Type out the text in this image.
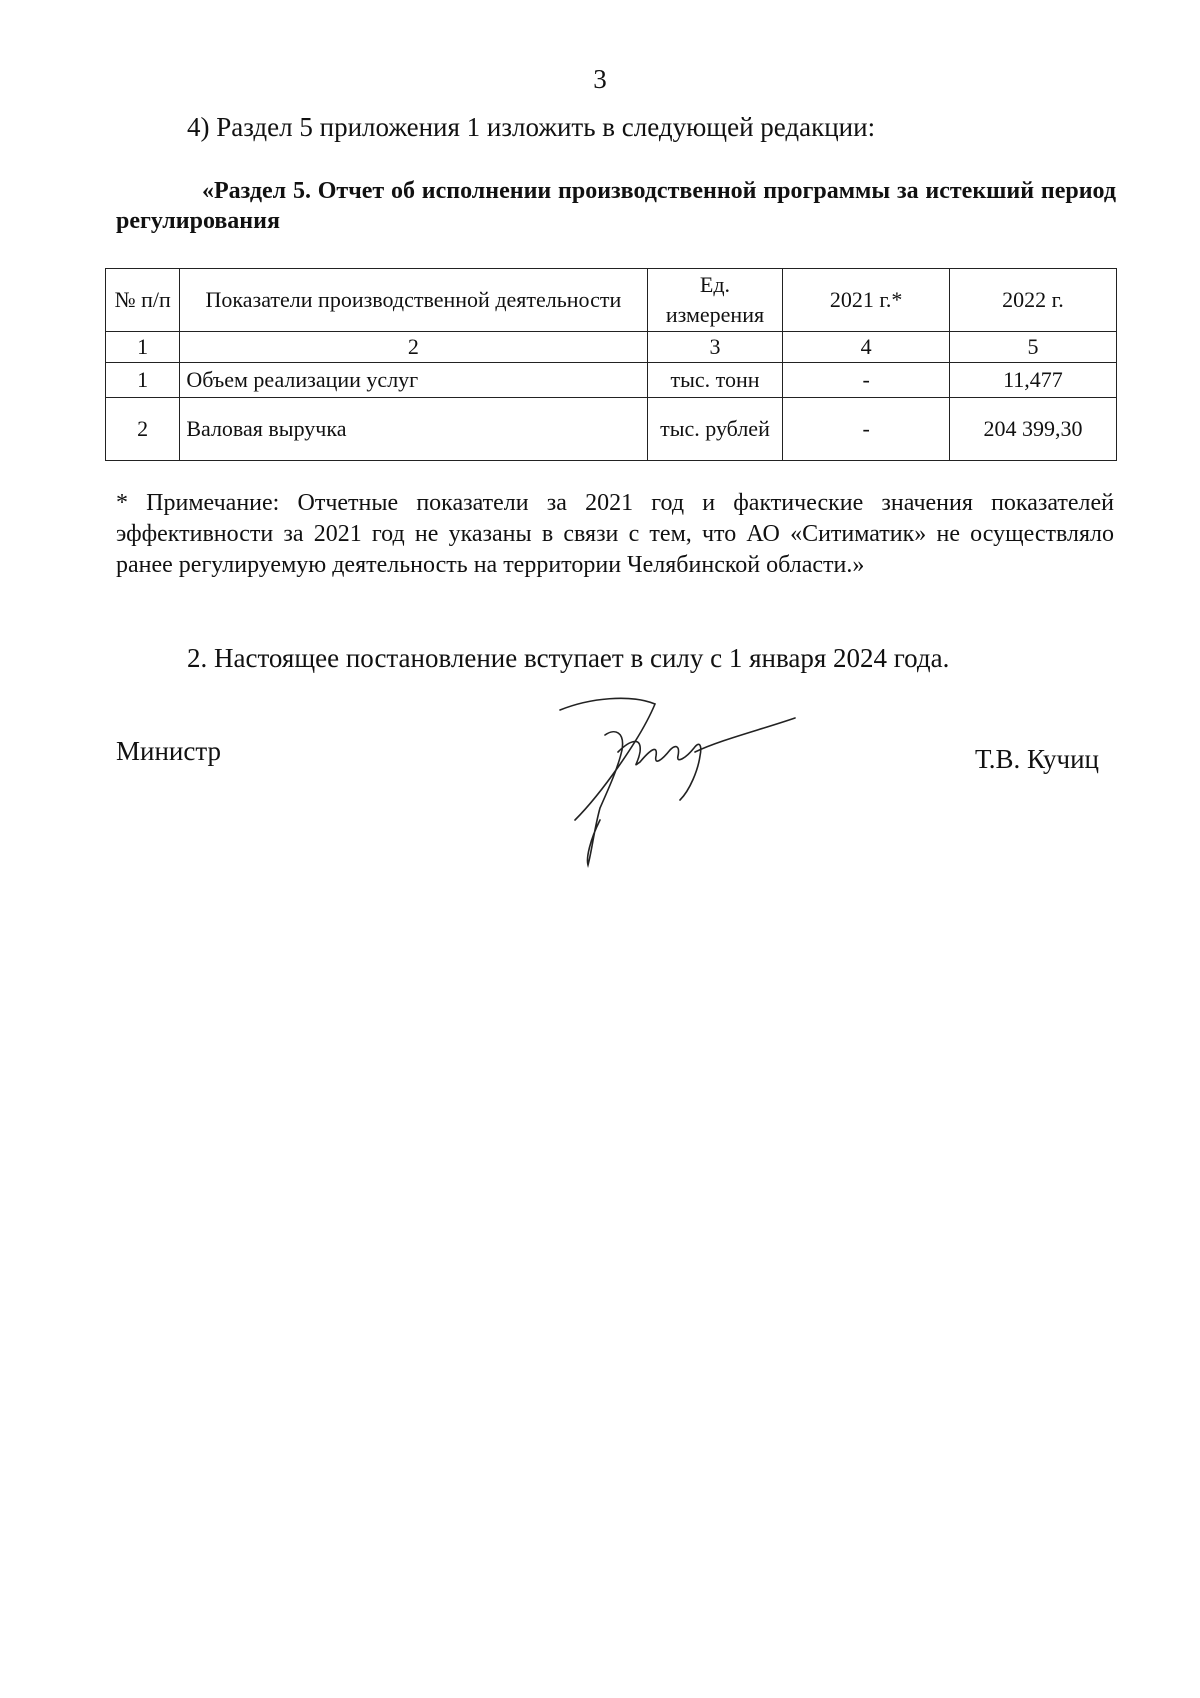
3
4) Раздел 5 приложения 1 изложить в следующей редакции:
«Раздел 5. Отчет об исполнении производственной программы за истекший период регулирования
№ п/п	Показатели производственной деятельности	Ед. измерения	2021 г.*	2022 г.
1	2	3	4	5
1	Объем реализации услуг	тыс. тонн	-	11,477
2	Валовая выручка	тыс. рублей	-	204 399,30
* Примечание: Отчетные показатели за 2021 год и фактические значения показателей эффективности за 2021 год не указаны в связи с тем, что АО «Ситиматик» не осуществляло ранее регулируемую деятельность на территории Челябинской области.»
2. Настоящее постановление вступает в силу с 1 января 2024 года.
Министр	Т.В. Кучиц
